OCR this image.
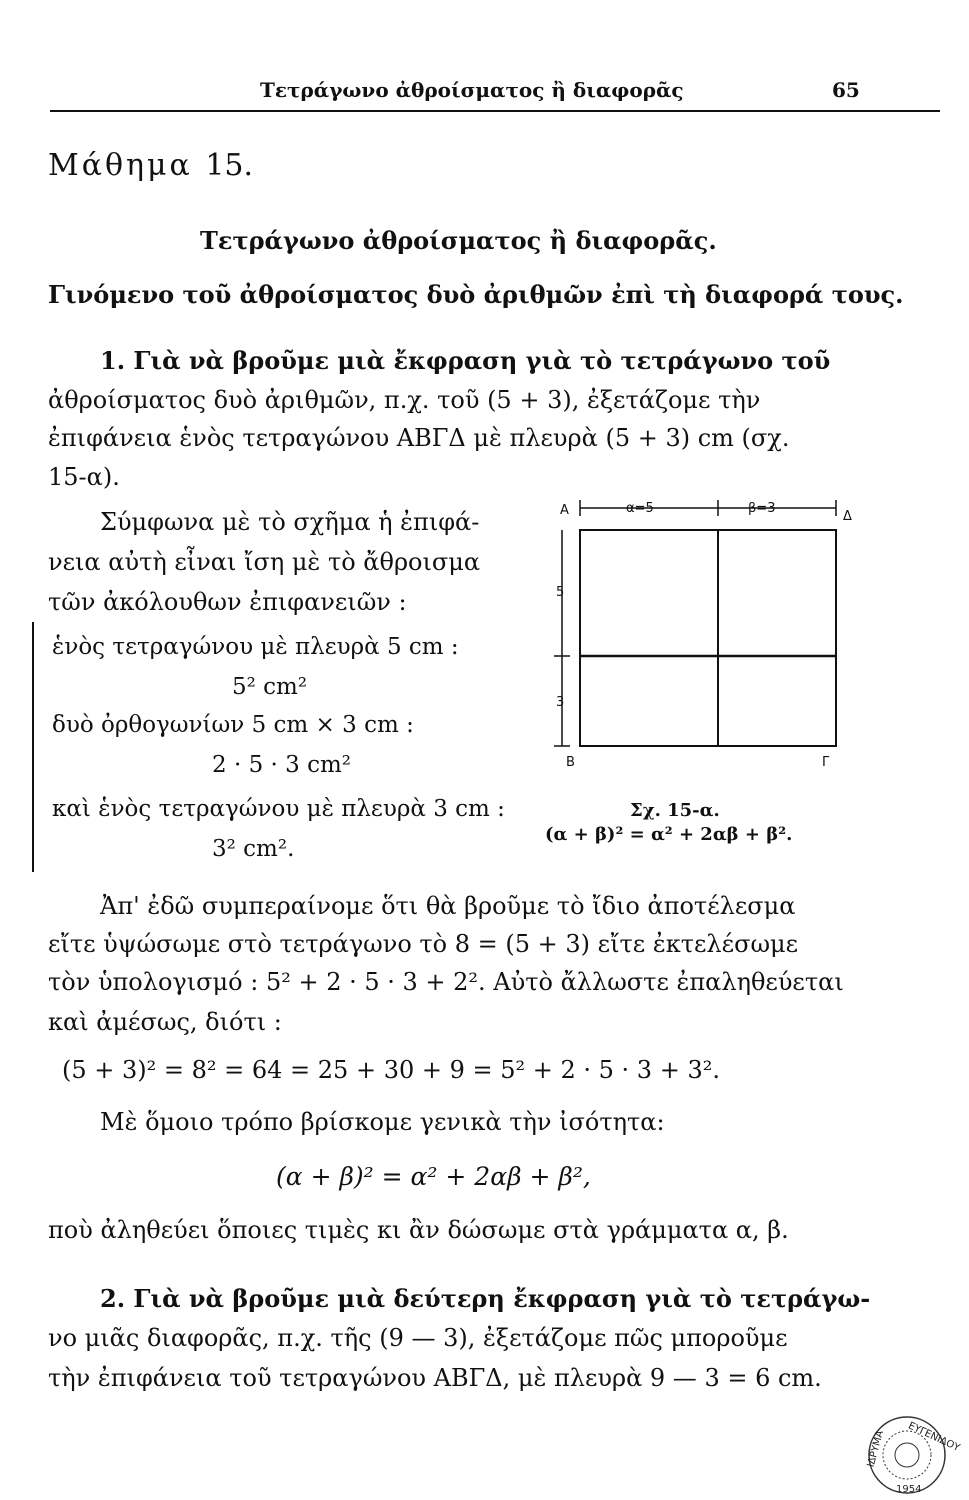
Τετράγωνο ἀθροίσματος ἢ διαφορᾶς	65

Μάθημα 15.

Τετράγωνο ἀθροίσματος ἢ διαφορᾶς.

Γινόμενο τοῦ ἀθροίσματος δυὸ ἀριθμῶν ἐπὶ τὴ διαφορά τους.

1. Γιὰ νὰ βροῦμε μιὰ ἔκφραση γιὰ τὸ τετράγωνο τοῦ

ἀθροίσματος δυὸ ἀριθμῶν, π.χ. τοῦ (5 + 3), ἐξετάζομε τὴν

ἐπιφάνεια ἑνὸς τετραγώνου ΑΒΓΔ μὲ πλευρὰ (5 + 3) cm (σχ.

15-α).

Σύμφωνα μὲ τὸ σχῆμα ἡ ἐπιφά-

νεια αὐτὴ εἶναι ἴση μὲ τὸ ἄθροισμα

τῶν ἀκόλουθων ἐπιφανειῶν :

ἑνὸς τετραγώνου μὲ πλευρὰ 5 cm :

5² cm²

δυὸ ὀρθογωνίων 5 cm × 3 cm :

2 · 5 · 3 cm²

καὶ ἑνὸς τετραγώνου μὲ πλευρὰ 3 cm :

3² cm².

Α	Δ
Β	Γ
α=5	β=3
5
3

Σχ. 15-α.

(α + β)² = α² + 2αβ + β².

Ἀπ' ἐδῶ συμπεραίνομε ὅτι θὰ βροῦμε τὸ ἴδιο ἀποτέλεσμα

εἴτε ὑψώσωμε στὸ τετράγωνο τὸ 8 = (5 + 3) εἴτε ἐκτελέσωμε

τὸν ὑπολογισμό : 5² + 2 · 5 · 3 + 2². Αὐτὸ ἄλλωστε ἐπαληθεύεται

καὶ ἀμέσως, διότι :

(5 + 3)² = 8² = 64 = 25 + 30 + 9 = 5² + 2 · 5 · 3 + 3².

Μὲ ὅμοιο τρόπο βρίσκομε γενικὰ τὴν ἰσότητα:

(α + β)² = α² + 2αβ + β²,

ποὺ ἀληθεύει ὅποιες τιμὲς κι ἂν δώσωμε στὰ γράμματα α, β.

2. Γιὰ νὰ βροῦμε μιὰ δεύτερη ἔκφραση γιὰ τὸ τετράγω-

νο μιᾶς διαφορᾶς, π.χ. τῆς (9 — 3), ἐξετάζομε πῶς μποροῦμε

τὴν ἐπιφάνεια τοῦ τετραγώνου ΑΒΓΔ, μὲ πλευρὰ 9 — 3 = 6 cm.

ΕΥΓΕΝΙΔΟΥ
ΙΔΡΥΜΑ
1954
